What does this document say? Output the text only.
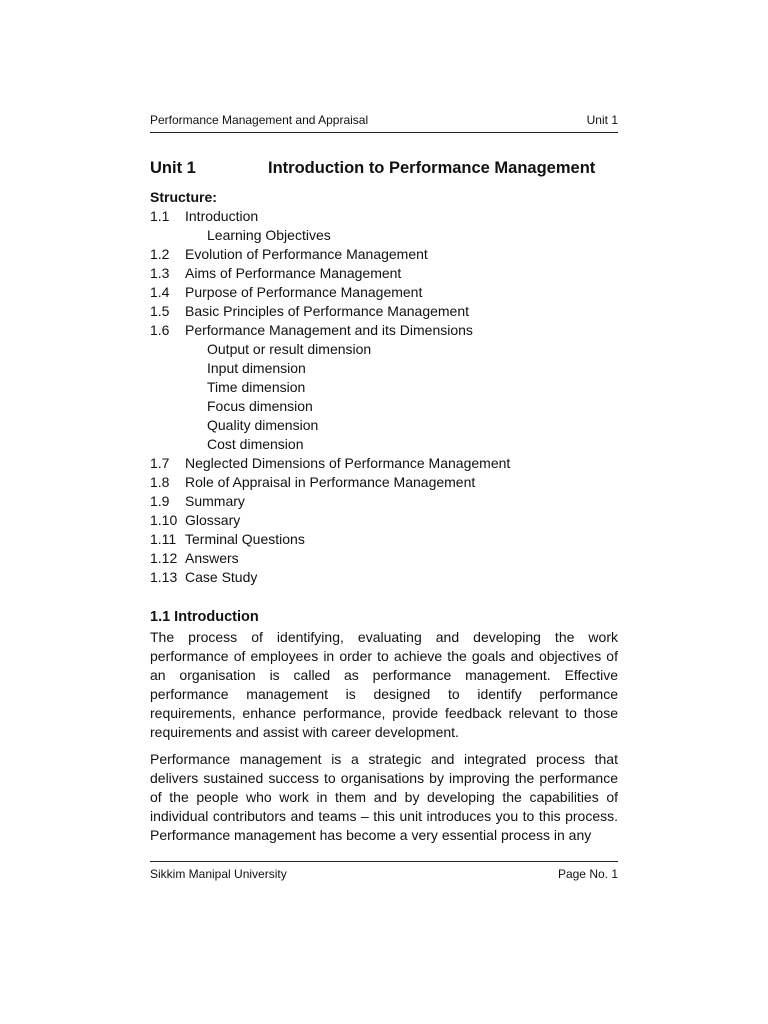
Performance Management and Appraisal	Unit 1
Unit 1	Introduction to Performance Management
Structure:
1.1 Introduction
Learning Objectives
1.2 Evolution of Performance Management
1.3 Aims of Performance Management
1.4 Purpose of Performance Management
1.5 Basic Principles of Performance Management
1.6 Performance Management and its Dimensions
Output or result dimension
Input dimension
Time dimension
Focus dimension
Quality dimension
Cost dimension
1.7 Neglected Dimensions of Performance Management
1.8 Role of Appraisal in Performance Management
1.9 Summary
1.10 Glossary
1.11 Terminal Questions
1.12 Answers
1.13 Case Study
1.1 Introduction

The process of identifying, evaluating and developing the work performance of employees in order to achieve the goals and objectives of an organisation is called as performance management. Effective performance management is designed to identify performance requirements, enhance performance, provide feedback relevant to those requirements and assist with career development.

Performance management is a strategic and integrated process that delivers sustained success to organisations by improving the performance of the people who work in them and by developing the capabilities of individual contributors and teams – this unit introduces you to this process. Performance management has become a very essential process in any

Sikkim Manipal University	Page No. 1
